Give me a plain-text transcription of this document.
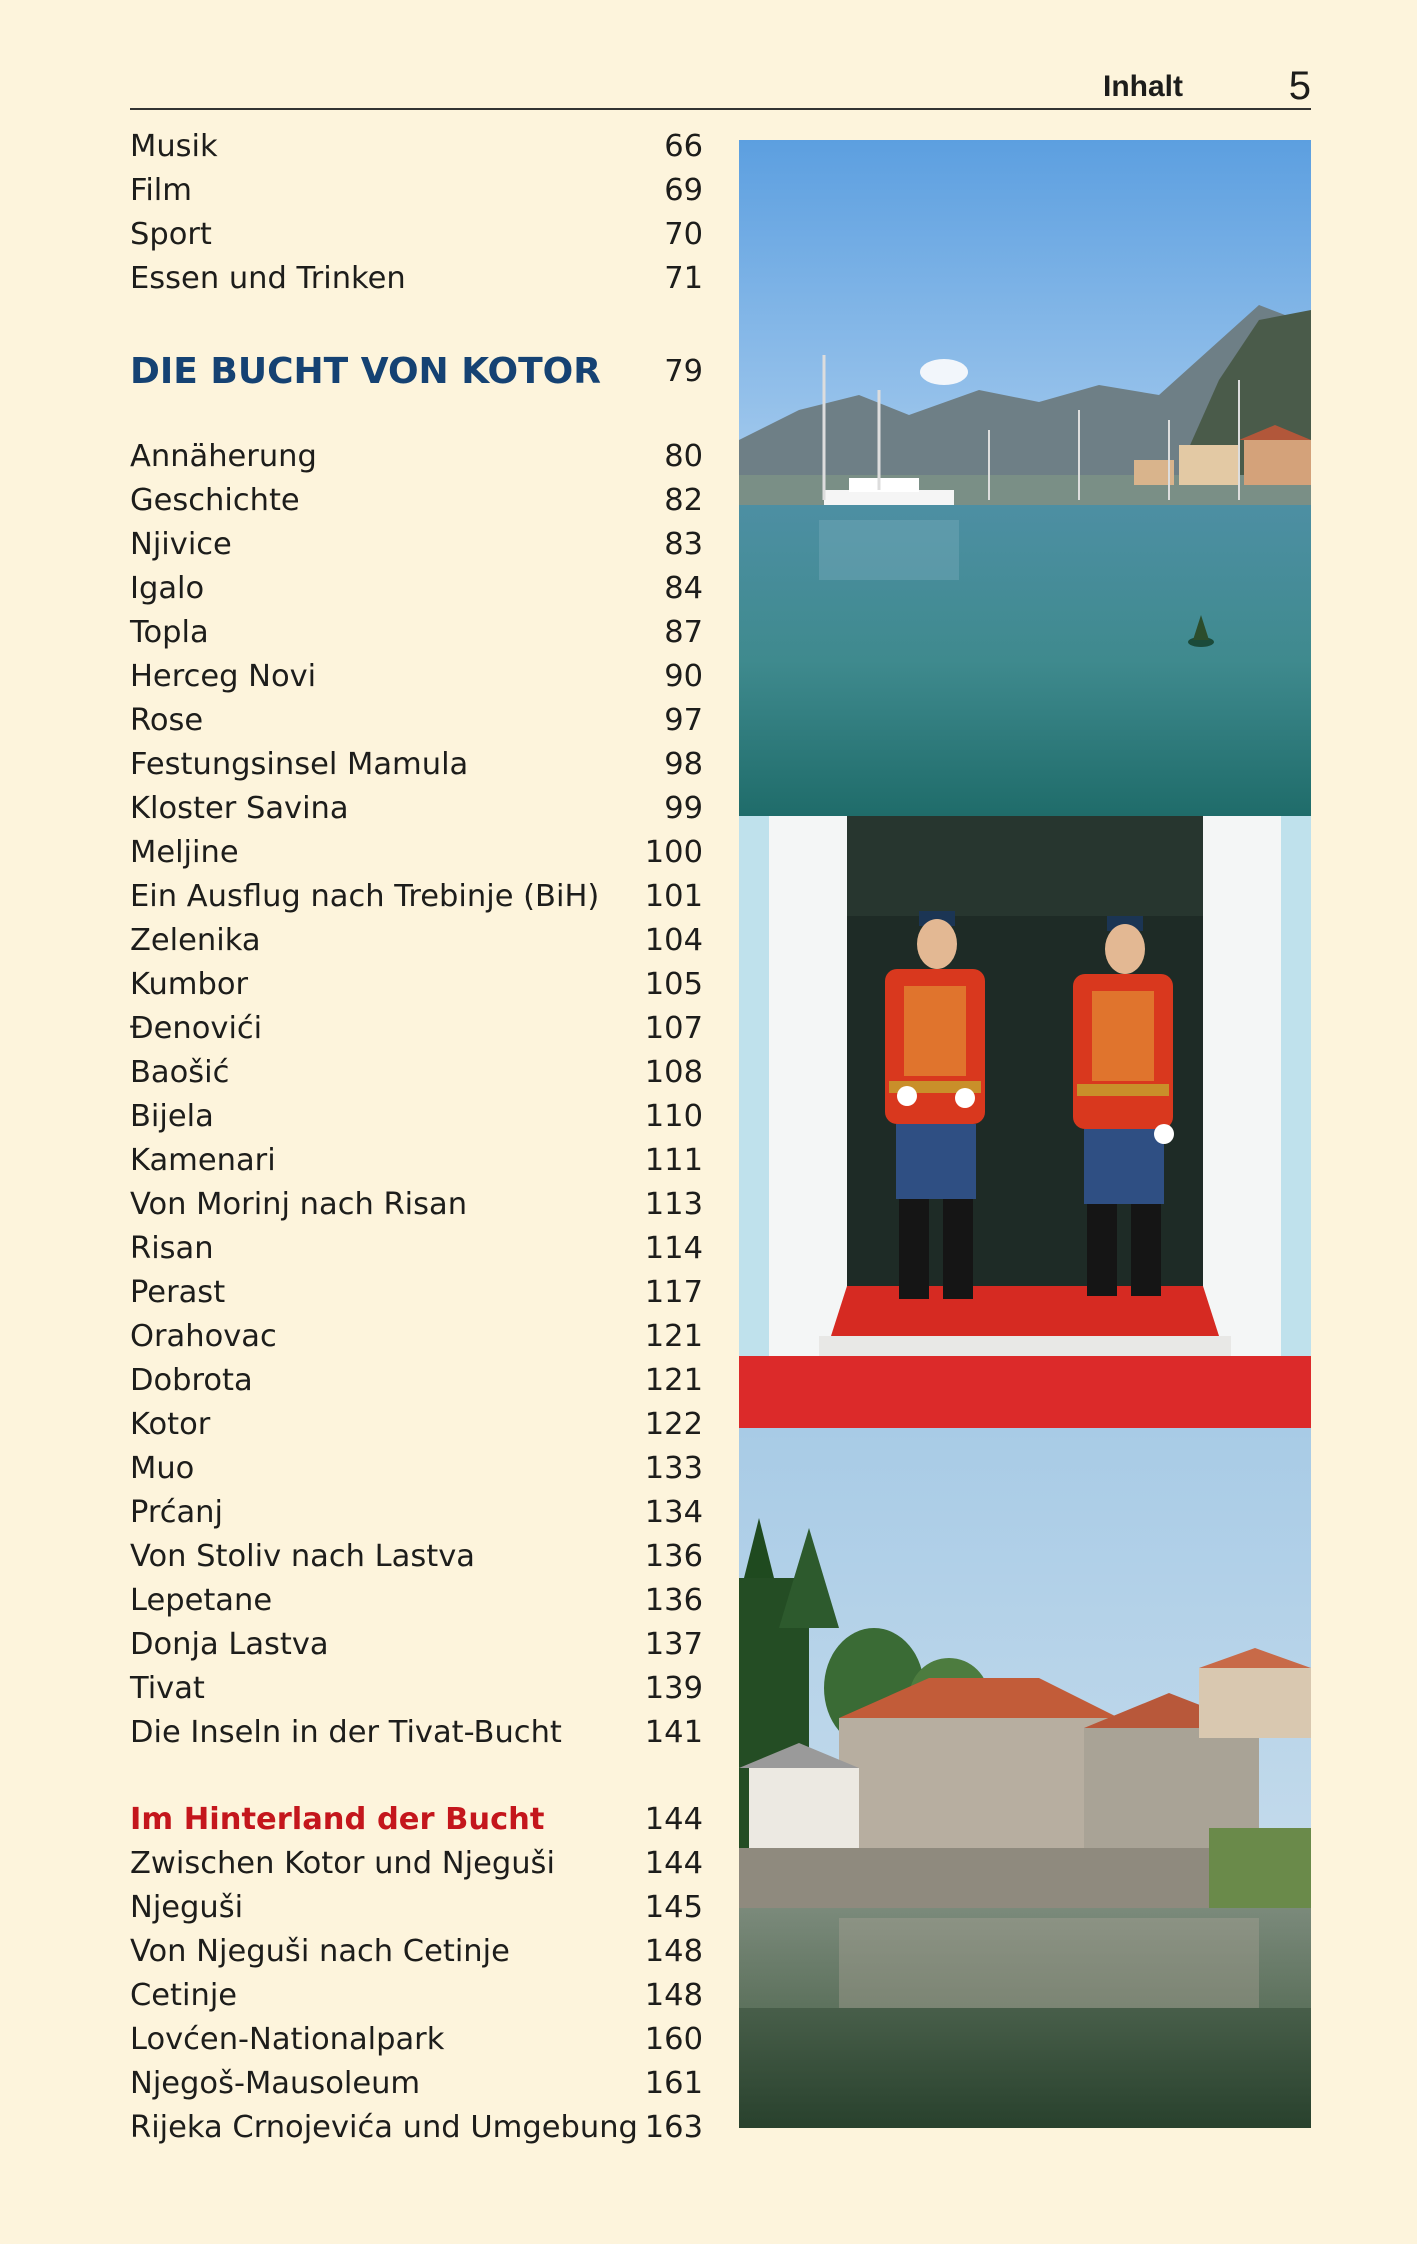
Inhalt	5
Musik	66
Film	69
Sport	70
Essen und Trinken	71
DIE BUCHT VON KOTOR 79
Annäherung	80
Geschichte	82
Njivice	83
Igalo	84
Topla	87
Herceg Novi	90
Rose	97
Festungsinsel Mamula	98
Kloster Savina	99
Meljine	100
Ein Ausflug nach Trebinje (BiH) 101
Zelenika	104
Kumbor	105
Đenovići	107
Baošić	108
Bijela	110
Kamenari	111
Von Morinj nach Risan	113
Risan	114
Perast	117
Orahovac	121
Dobrota	121
Kotor	122
Muo	133
Prćanj	134
Von Stoliv nach Lastva	136
Lepetane	136
Donja Lastva	137
Tivat	139
Die Inseln in der Tivat-Bucht	141
Im Hinterland der Bucht	144
Zwischen Kotor und Njeguši	144
Njeguši	145
Von Njeguši nach Cetinje	148
Cetinje	148
Lovćen-Nationalpark	160
Njegoš-Mausoleum	161
Rijeka Crnojevića und Umgebung 163
